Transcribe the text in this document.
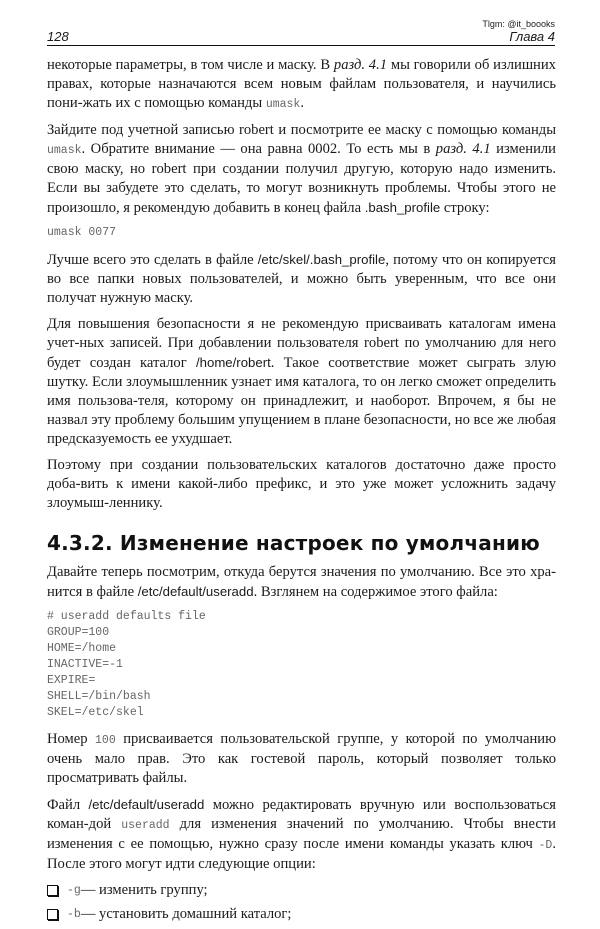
Tlgm: @it_boooks
128	Глава 4

некоторые параметры, в том числе и маску. В разд. 4.1 мы говорили об излишних правах, которые назначаются всем новым файлам пользователя, и научились пони-жать их с помощью команды umask.

Зайдите под учетной записью robert и посмотрите ее маску с помощью команды umask. Обратите внимание — она равна 0002. То есть мы в разд. 4.1 изменили свою маску, но robert при создании получил другую, которую надо изменить. Если вы забудете это сделать, то могут возникнуть проблемы. Чтобы этого не произошло, я рекомендую добавить в конец файла .bash_profile строку:

umask 0077

Лучше всего это сделать в файле /etc/skel/.bash_profile, потому что он копируется во все папки новых пользователей, и можно быть уверенным, что все они получат нужную маску.

Для повышения безопасности я не рекомендую присваивать каталогам имена учет-ных записей. При добавлении пользователя robert по умолчанию для него будет создан каталог /home/robert. Такое соответствие может сыграть злую шутку. Если злоумышленник узнает имя каталога, то он легко сможет определить имя пользова-теля, которому он принадлежит, и наоборот. Впрочем, я бы не назвал эту проблему большим упущением в плане безопасности, но все же любая предсказуемость ее ухудшает.

Поэтому при создании пользовательских каталогов достаточно даже просто доба-вить к имени какой-либо префикс, и это уже может усложнить задачу злоумыш-леннику.

4.3.2. Изменение настроек по умолчанию

Давайте теперь посмотрим, откуда берутся значения по умолчанию. Все это хра-нится в файле /etc/default/useradd. Взглянем на содержимое этого файла:

# useradd defaults file
GROUP=100
HOME=/home
INACTIVE=-1
EXPIRE=
SHELL=/bin/bash
SKEL=/etc/skel

Номер 100 присваивается пользовательской группе, у которой по умолчанию очень мало прав. Это как гостевой пароль, который позволяет только просматривать файлы.

Файл /etc/default/useradd можно редактировать вручную или воспользоваться коман-дой useradd для изменения значений по умолчанию. Чтобы внести изменения с ее помощью, нужно сразу после имени команды указать ключ -D. После этого могут идти следующие опции:

-g — изменить группу;
-b — установить домашний каталог;
